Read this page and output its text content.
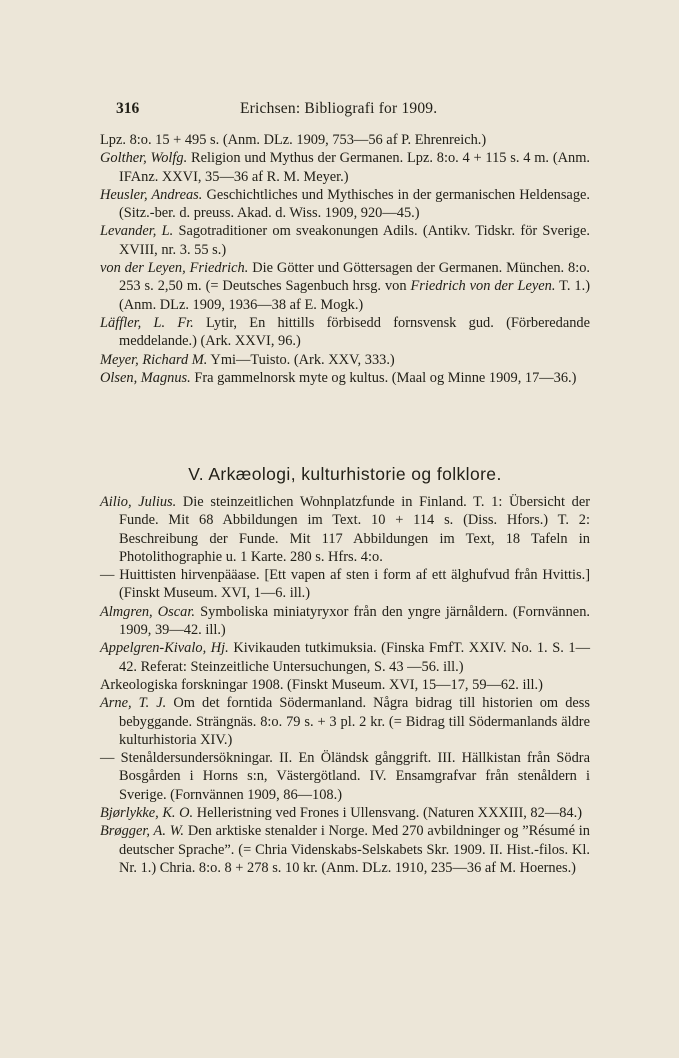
316	Erichsen: Bibliografi for 1909.

Lpz. 8:o. 15 + 495 s. (Anm. DLz. 1909, 753—56 af P. Ehrenreich.)

Golther, Wolfg. Religion und Mythus der Germanen. Lpz. 8:o. 4 + 115 s. 4 m. (Anm. IFAnz. XXVI, 35—36 af R. M. Meyer.)

Heusler, Andreas. Geschichtliches und Mythisches in der germanischen Heldensage. (Sitz.-ber. d. preuss. Akad. d. Wiss. 1909, 920—45.)

Levander, L. Sagotraditioner om sveakonungen Adils. (Antikv. Tidskr. för Sverige. XVIII, nr. 3. 55 s.)

von der Leyen, Friedrich. Die Götter und Göttersagen der Germanen. München. 8:o. 253 s. 2,50 m. (= Deutsches Sagenbuch hrsg. von Friedrich von der Leyen. T. 1.) (Anm. DLz. 1909, 1936—38 af E. Mogk.)

Läffler, L. Fr. Lytir, En hittills förbisedd fornsvensk gud. (Förberedande meddelande.) (Ark. XXVI, 96.)

Meyer, Richard M. Ymi—Tuisto. (Ark. XXV, 333.)

Olsen, Magnus. Fra gammelnorsk myte og kultus. (Maal og Minne 1909, 17—36.)

V. Arkæologi, kulturhistorie og folklore.

Ailio, Julius. Die steinzeitlichen Wohnplatzfunde in Finland. T. 1: Übersicht der Funde. Mit 68 Abbildungen im Text. 10 + 114 s. (Diss. Hfors.) T. 2: Beschreibung der Funde. Mit 117 Abbildungen im Text, 18 Tafeln in Photolithographie u. 1 Karte. 280 s. Hfrs. 4:o.

— Huittisten hirvenpääase. [Ett vapen af sten i form af ett älghufvud från Hvittis.] (Finskt Museum. XVI, 1—6. ill.)

Almgren, Oscar. Symboliska miniatyryxor från den yngre järnåldern. (Fornvännen. 1909, 39—42. ill.)

Appelgren-Kivalo, Hj. Kivikauden tutkimuksia. (Finska FmfT. XXIV. No. 1. S. 1—42. Referat: Steinzeitliche Untersuchungen, S. 43 —56. ill.)

Arkeologiska forskningar 1908. (Finskt Museum. XVI, 15—17, 59—62. ill.)

Arne, T. J. Om det forntida Södermanland. Några bidrag till historien om dess bebyggande. Strängnäs. 8:o. 79 s. + 3 pl. 2 kr. (= Bidrag till Södermanlands äldre kulturhistoria XIV.)

— Stenåldersundersökningar. II. En Öländsk gånggrift. III. Hällkistan från Södra Bosgården i Horns s:n, Västergötland. IV. Ensamgrafvar från stenåldern i Sverige. (Fornvännen 1909, 86—108.)

Bjørlykke, K. O. Helleristning ved Frones i Ullensvang. (Naturen XXXIII, 82—84.)

Brøgger, A. W. Den arktiske stenalder i Norge. Med 270 avbildninger og ”Résumé in deutscher Sprache”. (= Chria Videnskabs-Selskabets Skr. 1909. II. Hist.-filos. Kl. Nr. 1.) Chria. 8:o. 8 + 278 s. 10 kr. (Anm. DLz. 1910, 235—36 af M. Hoernes.)
